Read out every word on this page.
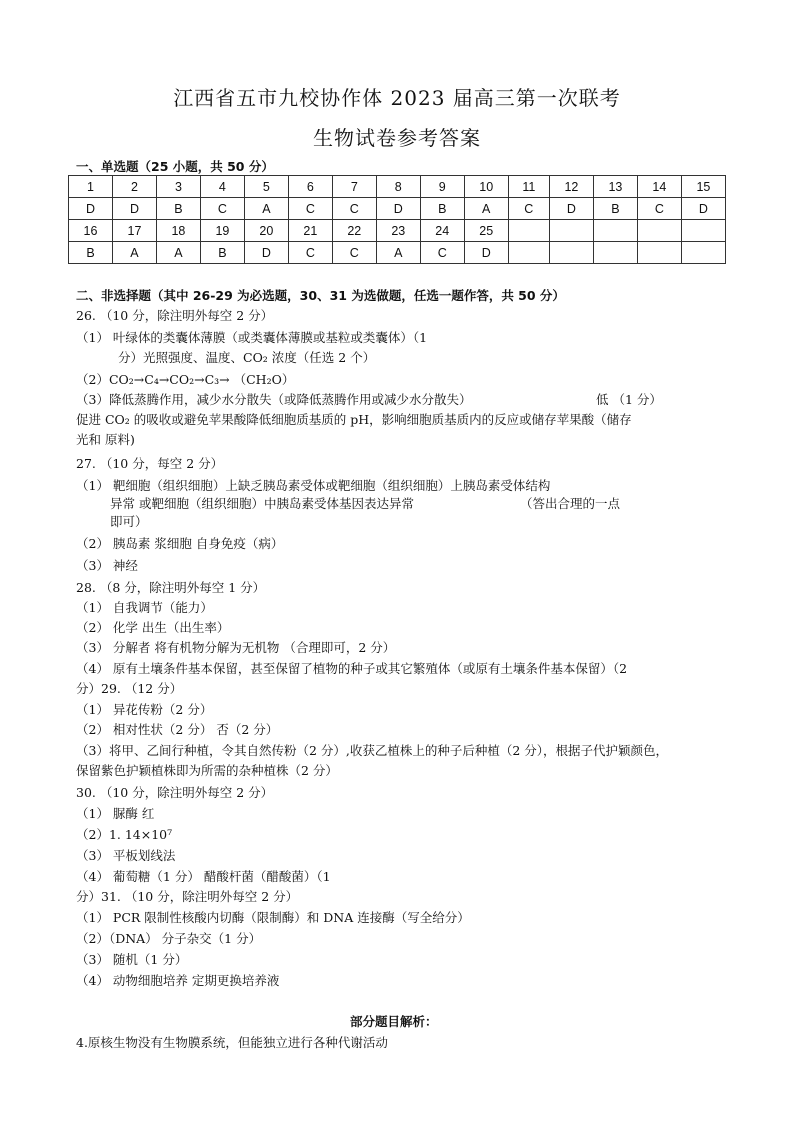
江西省五市九校协作体 2023 届高三第一次联考
生物试卷参考答案
一、单选题（25 小题，共 50 分）
1	2	3	4	5	6	7	8	9	10	11	12	13	14	15
D	D	B	C	A	C	C	D	B	A	C	D	B	C	D
16	17	18	19	20	21	22	23	24	25					
B	A	A	B	D	C	C	A	C	D					
二、非选择题（其中 26-29 为必选题，30、31 为选做题，任选一题作答，共 50 分）
26. （10 分，除注明外每空 2 分）
（1） 叶绿体的类囊体薄膜（或类囊体薄膜或基粒或类囊体）（1
分）光照强度、温度、CO₂ 浓度（任选 2 个）
（2）CO₂→C₄→CO₂→C₃→ （CH₂O）
（3）降低蒸腾作用，减少水分散失（或降低蒸腾作用或减少水分散失）	低 （1 分）
促进 CO₂ 的吸收或避免苹果酸降低细胞质基质的 pH，影响细胞质基质内的反应或储存苹果酸（储存
光和 原料)
27. （10 分，每空 2 分）
（1） 靶细胞（组织细胞）上缺乏胰岛素受体或靶细胞（组织细胞）上胰岛素受体结构
异常 或靶细胞（组织细胞）中胰岛素受体基因表达异常	（答出合理的一点
即可）
（2） 胰岛素 浆细胞 自身免疫（病）
（3） 神经
28. （8 分，除注明外每空 1 分）
（1） 自我调节（能力）
（2） 化学 出生（出生率）
（3） 分解者 将有机物分解为无机物 （合理即可，2 分）
（4） 原有土壤条件基本保留，甚至保留了植物的种子或其它繁殖体（或原有土壤条件基本保留）（2
分）29. （12 分）
（1） 异花传粉（2 分）
（2） 相对性状（2 分） 否（2 分）
（3）将甲、乙间行种植，令其自然传粉（2 分）,收获乙植株上的种子后种植（2 分），根据子代护颖颜色，
保留紫色护颖植株即为所需的杂种植株（2 分）
30. （10 分，除注明外每空 2 分）
（1） 脲酶 红
（2）1. 14×10⁷
（3） 平板划线法
（4） 葡萄糖（1 分） 醋酸杆菌（醋酸菌）（1
分）31. （10 分，除注明外每空 2 分）
（1） PCR 限制性核酸内切酶（限制酶）和 DNA 连接酶（写全给分）
（2）（DNA） 分子杂交（1 分）
（3） 随机（1 分）
（4） 动物细胞培养 定期更换培养液
部分题目解析：
4.原核生物没有生物膜系统，但能独立进行各种代谢活动
